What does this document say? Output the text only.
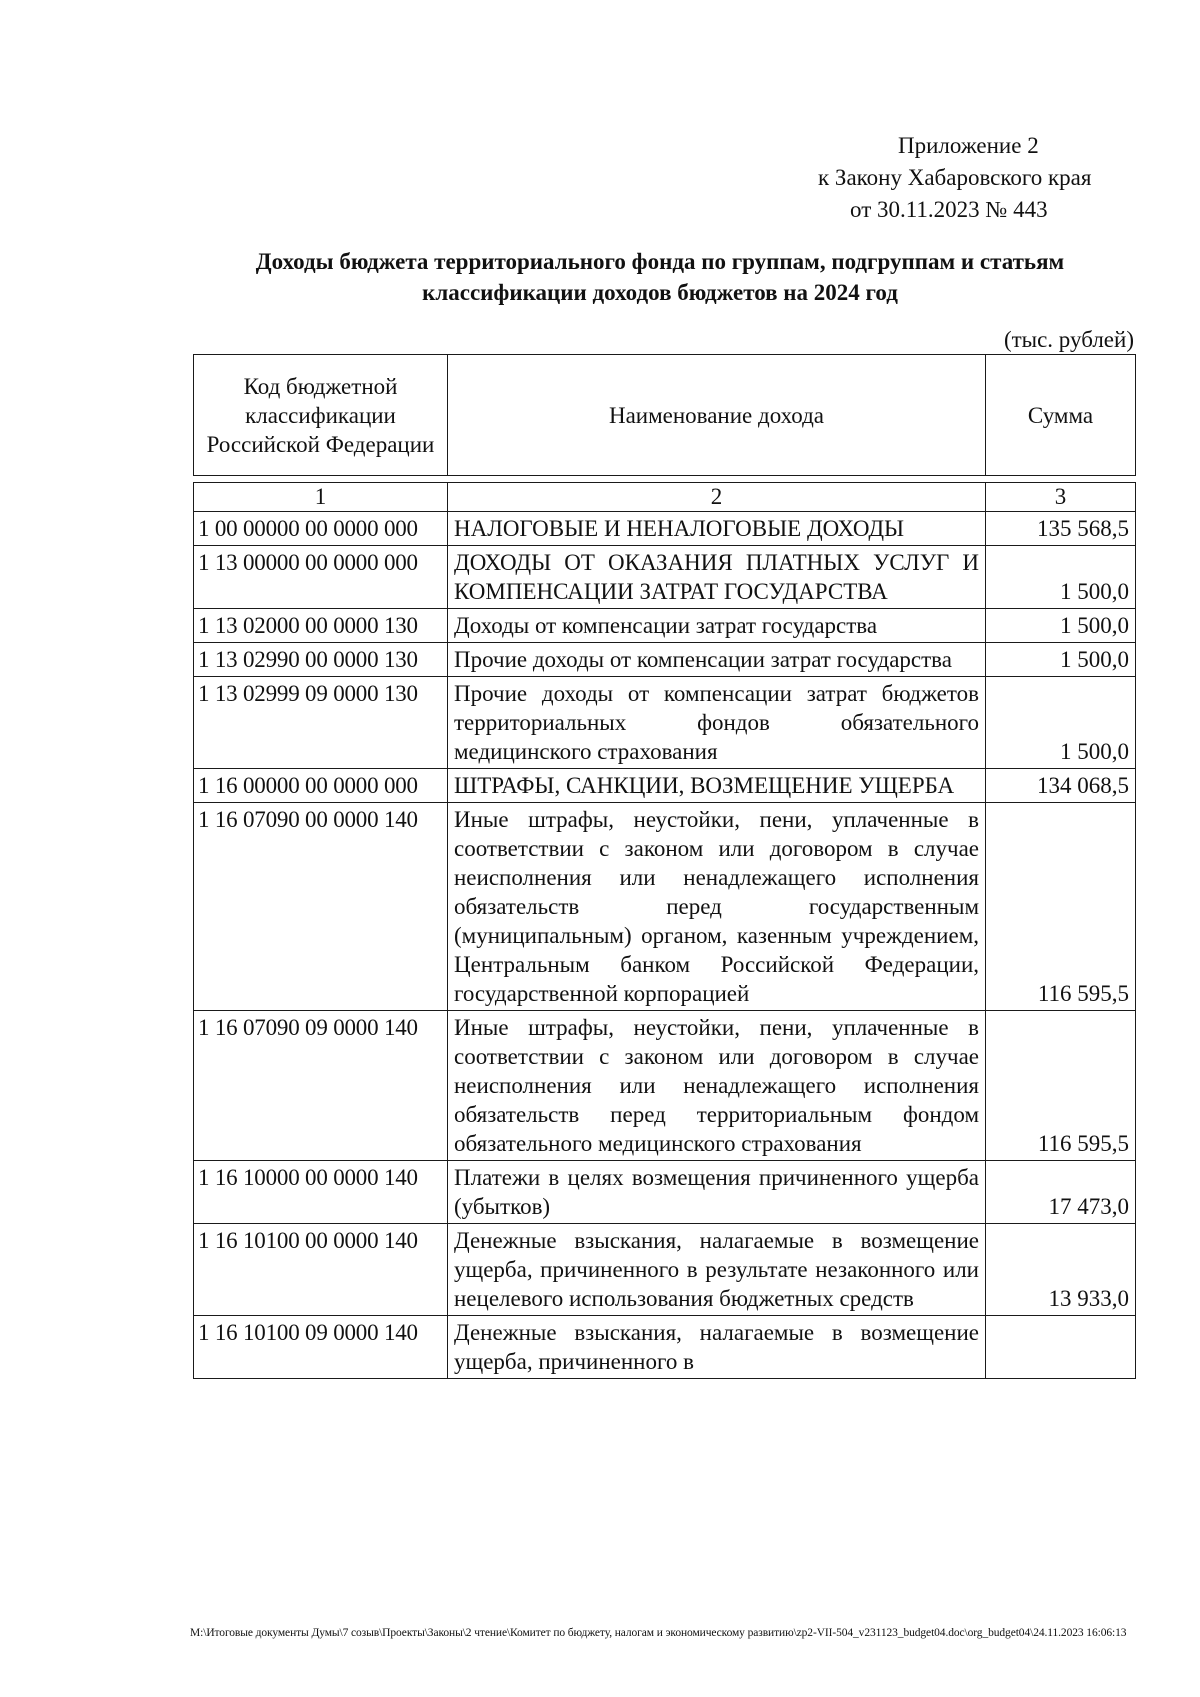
Приложение 2
к Закону Хабаровского края
от 30.11.2023 № 443
Доходы бюджета территориального фонда по группам, подгруппам и статьям
классификации доходов бюджетов на 2024 год
(тыс. рублей)
Код бюджетной классификации Российской Федерации	Наименование дохода	Сумма
1	2	3
1 00 00000 00 0000 000	НАЛОГОВЫЕ И НЕНАЛОГОВЫЕ ДОХОДЫ	135 568,5
1 13 00000 00 0000 000	ДОХОДЫ ОТ ОКАЗАНИЯ ПЛАТНЫХ УСЛУГ И КОМПЕНСАЦИИ ЗАТРАТ ГОСУДАРСТВА	1 500,0
1 13 02000 00 0000 130	Доходы от компенсации затрат государства	1 500,0
1 13 02990 00 0000 130	Прочие доходы от компенсации затрат государства	1 500,0
1 13 02999 09 0000 130	Прочие доходы от компенсации затрат бюджетов территориальных фондов обязательного медицинского страхования	1 500,0
1 16 00000 00 0000 000	ШТРАФЫ, САНКЦИИ, ВОЗМЕЩЕНИЕ УЩЕРБА	134 068,5
1 16 07090 00 0000 140	Иные штрафы, неустойки, пени, уплаченные в соответствии с законом или договором в случае неисполнения или ненадлежащего исполнения обязательств перед государственным (муниципальным) органом, казенным учреждением, Центральным банком Российской Федерации, государственной корпорацией	116 595,5
1 16 07090 09 0000 140	Иные штрафы, неустойки, пени, уплаченные в соответствии с законом или договором в случае неисполнения или ненадлежащего исполнения обязательств перед территориальным фондом обязательного медицинского страхования	116 595,5
1 16 10000 00 0000 140	Платежи в целях возмещения причиненного ущерба (убытков)	17 473,0
1 16 10100 00 0000 140	Денежные взыскания, налагаемые в возмещение ущерба, причиненного в результате незаконного или нецелевого использования бюджетных средств	13 933,0
1 16 10100 09 0000 140	Денежные взыскания, налагаемые в возмещение ущерба, причиненного в	
М:\Итоговые документы Думы\7 созыв\Проекты\Законы\2 чтение\Комитет по бюджету, налогам и экономическому развитию\zp2-VII-504_v231123_budget04.doc\org_budget04\24.11.2023 16:06:13
